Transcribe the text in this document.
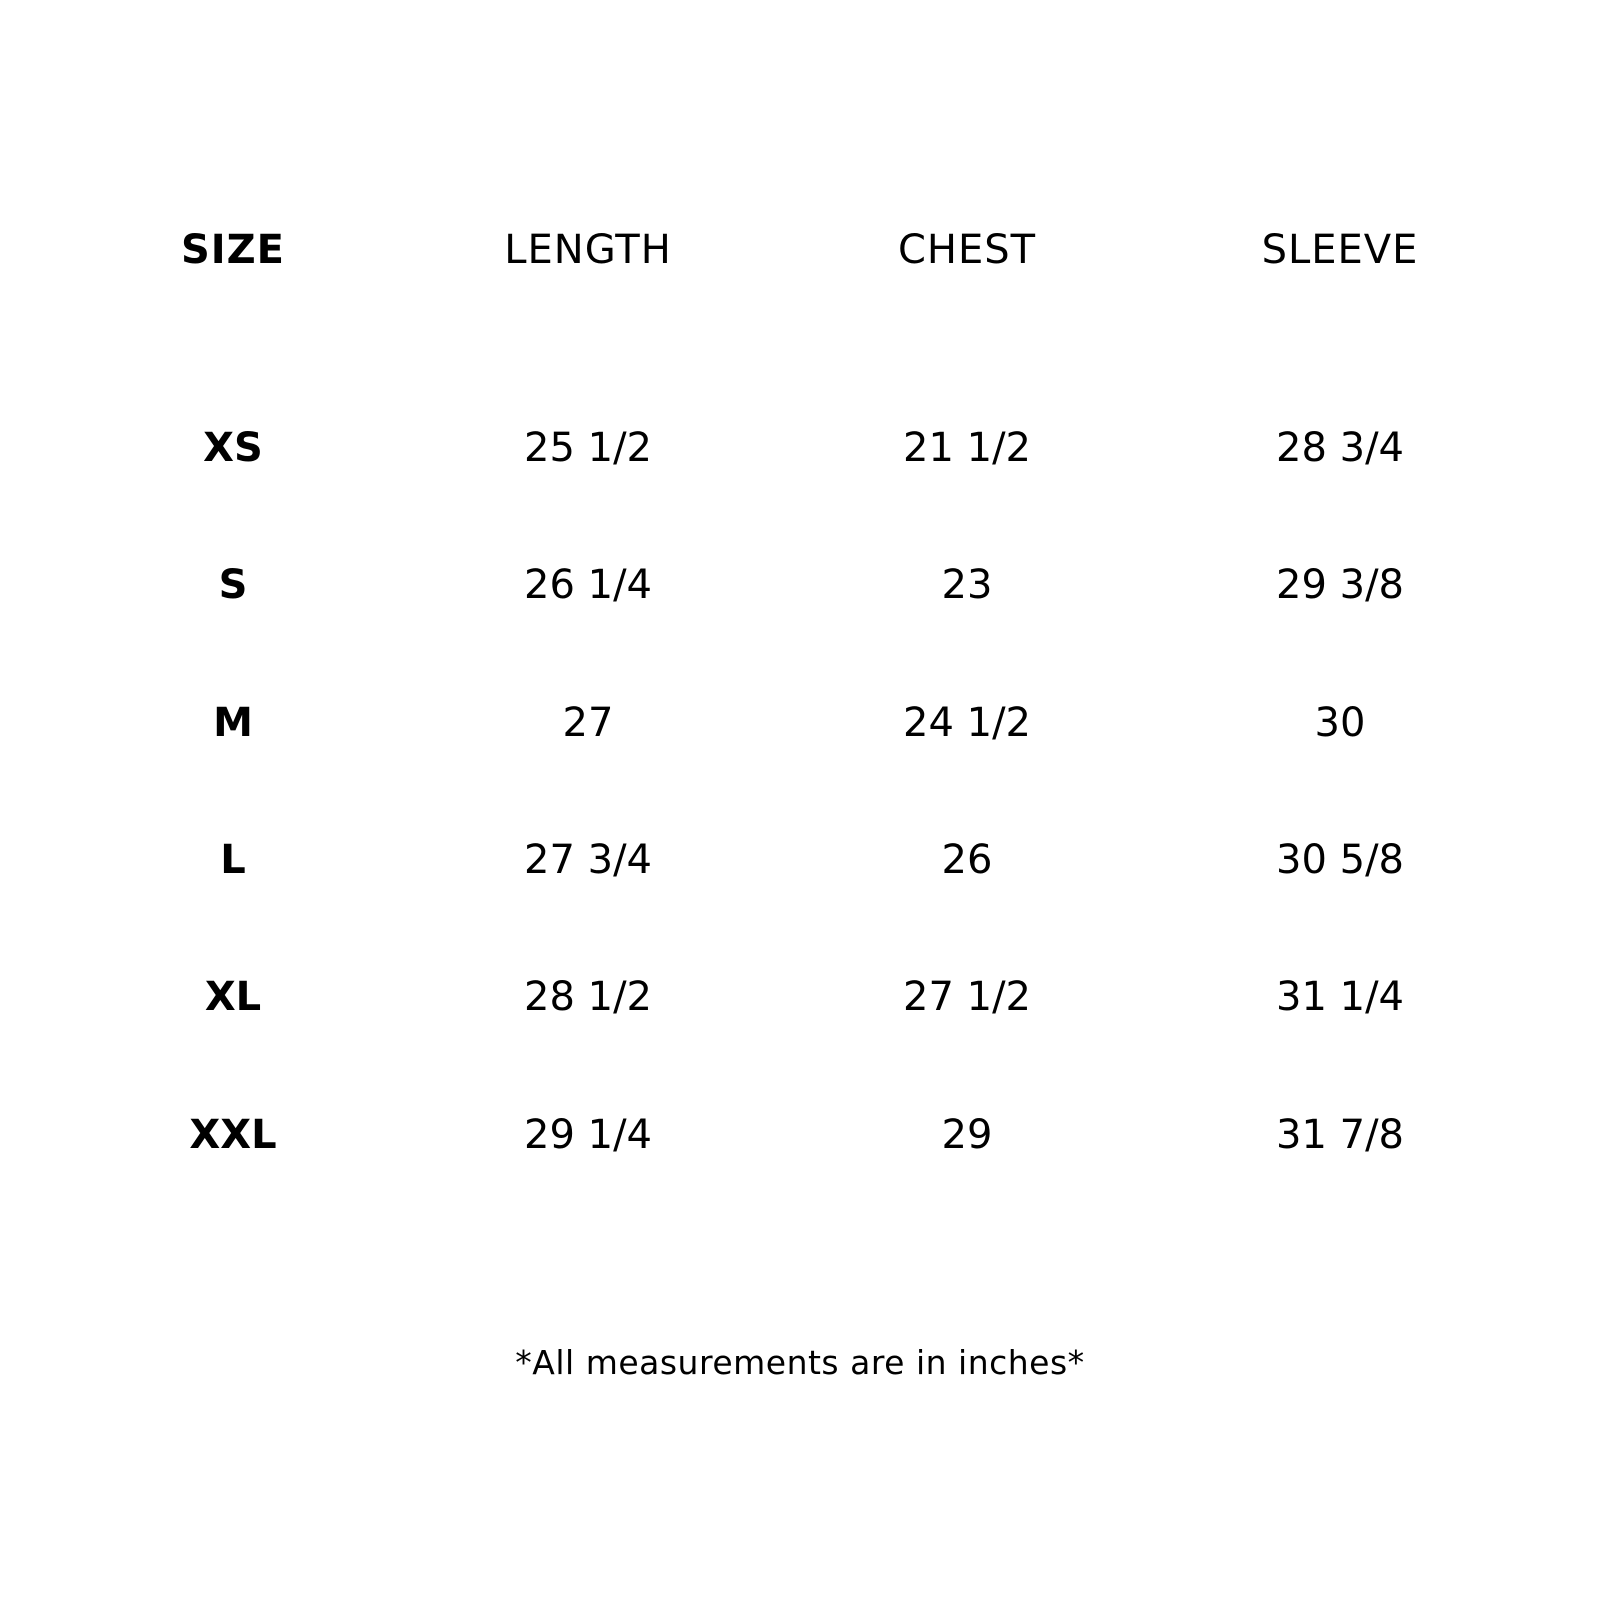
SIZE	LENGTH	CHEST	SLEEVE
XS	25 1/2	21 1/2	28 3/4
S	26 1/4	23	29 3/8
M	27	24 1/2	30
L	27 3/4	26	30 5/8
XL	28 1/2	27 1/2	31 1/4
XXL	29 1/4	29	31 7/8
*All measurements are in inches*
